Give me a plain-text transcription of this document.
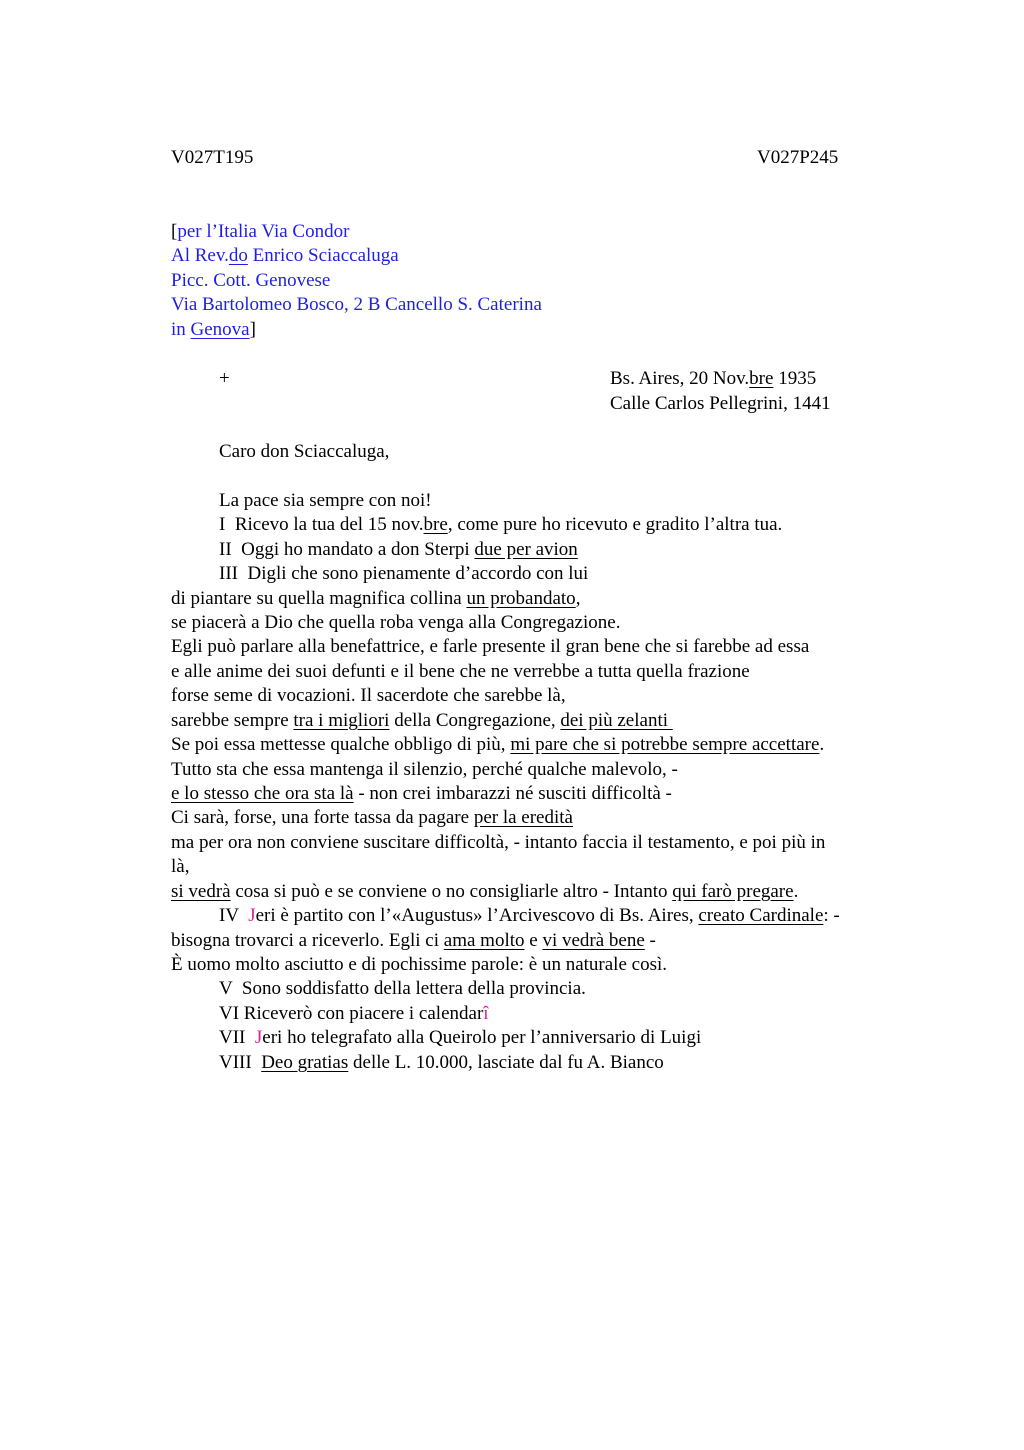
V027T195	V027P245
[per l’Italia Via Condor
Al Rev.do Enrico Sciaccaluga
Picc. Cott. Genovese
Via Bartolomeo Bosco, 2 B Cancello S. Caterina
in Genova]
+	Bs. Aires, 20 Nov.bre 1935
Calle Carlos Pellegrini, 1441
Caro don Sciaccaluga,
La pace sia sempre con noi!
I  Ricevo la tua del 15 nov.bre, come pure ho ricevuto e gradito l’altra tua.
II  Oggi ho mandato a don Sterpi due per avion
III  Digli che sono pienamente d’accordo con lui
di piantare su quella magnifica collina un probandato,
se piacerà a Dio che quella roba venga alla Congregazione.
Egli può parlare alla benefattrice, e farle presente il gran bene che si farebbe ad essa
e alle anime dei suoi defunti e il bene che ne verrebbe a tutta quella frazione
forse seme di vocazioni. Il sacerdote che sarebbe là,
sarebbe sempre tra i migliori della Congregazione, dei più zelanti
Se poi essa mettesse qualche obbligo di più, mi pare che si potrebbe sempre accettare.
Tutto sta che essa mantenga il silenzio, perché qualche malevolo, -
e lo stesso che ora sta là - non crei imbarazzi né susciti difficoltà -
Ci sarà, forse, una forte tassa da pagare per la eredità
ma per ora non conviene suscitare difficoltà, - intanto faccia il testamento, e poi più in
là,
si vedrà cosa si può e se conviene o no consigliarle altro - Intanto qui farò pregare.
IV  Jeri è partito con l’«Augustus» l’Arcivescovo di Bs. Aires, creato Cardinale: -
bisogna trovarci a riceverlo. Egli ci ama molto e vi vedrà bene -
È uomo molto asciutto e di pochissime parole: è un naturale così.
V  Sono soddisfatto della lettera della provincia.
VI Riceverò con piacere i calendarî
VII  Jeri ho telegrafato alla Queirolo per l’anniversario di Luigi
VIII  Deo gratias delle L. 10.000, lasciate dal fu A. Bianco
